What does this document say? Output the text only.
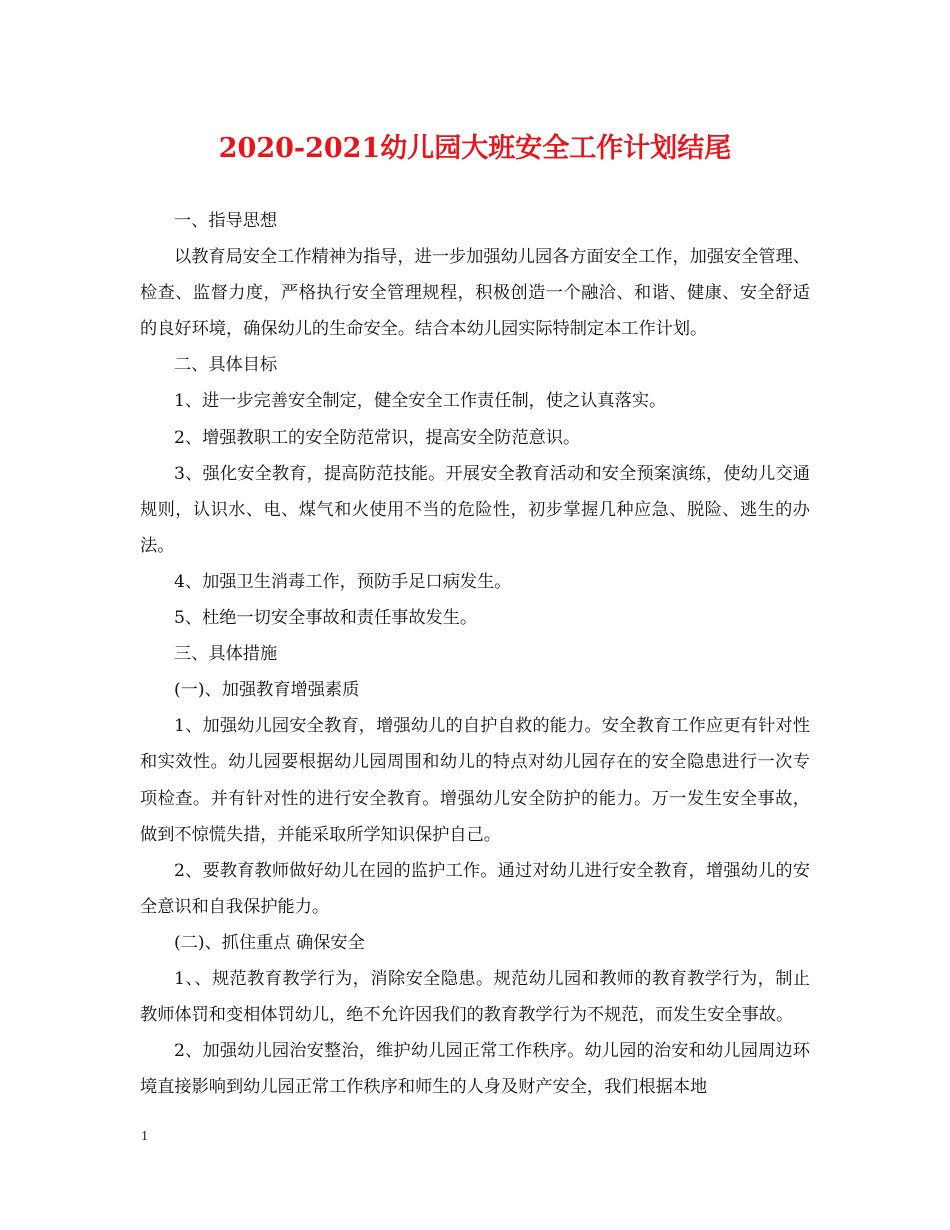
2020-2021幼儿园大班安全工作计划结尾

一、指导思想

以教育局安全工作精神为指导，进一步加强幼儿园各方面安全工作，加强安全管理、检查、监督力度，严格执行安全管理规程，积极创造一个融洽、和谐、健康、安全舒适的良好环境，确保幼儿的生命安全。结合本幼儿园实际特制定本工作计划。

二、具体目标

1、进一步完善安全制定，健全安全工作责任制，使之认真落实。

2、增强教职工的安全防范常识，提高安全防范意识。

3、强化安全教育，提高防范技能。开展安全教育活动和安全预案演练，使幼儿交通规则，认识水、电、煤气和火使用不当的危险性，初步掌握几种应急、脱险、逃生的办法。

4、加强卫生消毒工作，预防手足口病发生。

5、杜绝一切安全事故和责任事故发生。

三、具体措施

(一)、加强教育增强素质

1、加强幼儿园安全教育，增强幼儿的自护自救的能力。安全教育工作应更有针对性和实效性。幼儿园要根据幼儿园周围和幼儿的特点对幼儿园存在的安全隐患进行一次专项检查。并有针对性的进行安全教育。增强幼儿安全防护的能力。万一发生安全事故，做到不惊慌失措，并能采取所学知识保护自己。

2、要教育教师做好幼儿在园的监护工作。通过对幼儿进行安全教育，增强幼儿的安全意识和自我保护能力。

(二)、抓住重点 确保安全

1、、规范教育教学行为，消除安全隐患。规范幼儿园和教师的教育教学行为，制止教师体罚和变相体罚幼儿，绝不允许因我们的教育教学行为不规范，而发生安全事故。

2、加强幼儿园治安整治，维护幼儿园正常工作秩序。幼儿园的治安和幼儿园周边环境直接影响到幼儿园正常工作秩序和师生的人身及财产安全，我们根据本地

1
